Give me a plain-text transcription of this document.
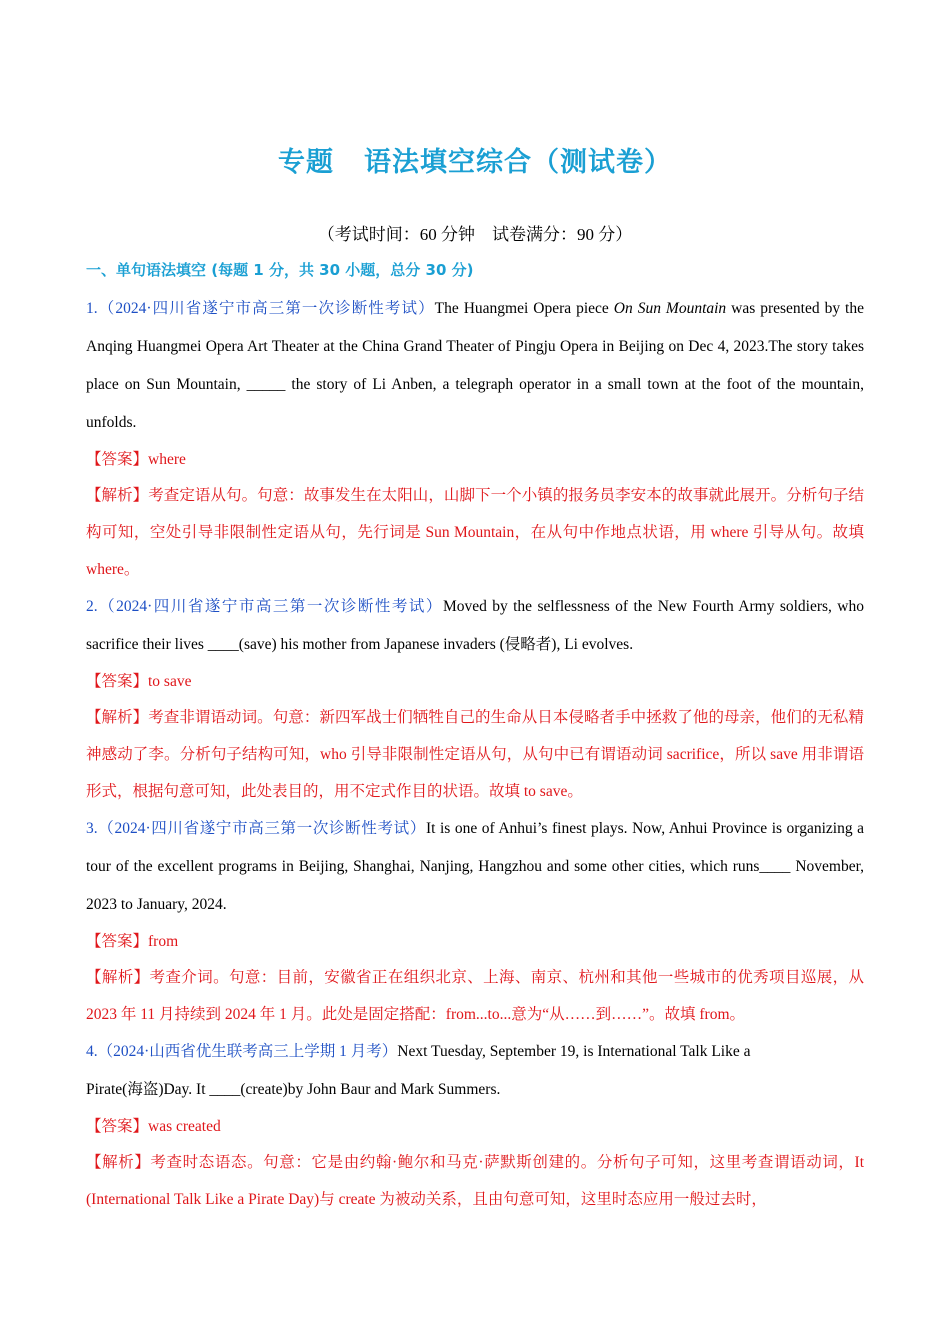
专题 语法填空综合（测试卷）
（考试时间：60 分钟　试卷满分：90 分）
一、单句语法填空 (每题 1 分，共 30 小题，总分 30 分)
1.（2024·四川省遂宁市高三第一次诊断性考试）The Huangmei Opera piece On Sun Mountain was presented by the Anqing Huangmei Opera Art Theater at the China Grand Theater of Pingju Opera in Beijing on Dec 4, 2023.The story takes place on Sun Mountain, _____ the story of Li Anben, a telegraph operator in a small town at the foot of the mountain, unfolds.
【答案】where
【解析】考查定语从句。句意：故事发生在太阳山，山脚下一个小镇的报务员李安本的故事就此展开。分析句子结构可知，空处引导非限制性定语从句，先行词是 Sun Mountain，在从句中作地点状语，用 where 引导从句。故填 where。
2.（2024·四川省遂宁市高三第一次诊断性考试）Moved by the selflessness of the New Fourth Army soldiers, who sacrifice their lives ____(save) his mother from Japanese invaders (侵略者), Li evolves.
【答案】to save
【解析】考查非谓语动词。句意：新四军战士们牺牲自己的生命从日本侵略者手中拯救了他的母亲，他们的无私精神感动了李。分析句子结构可知，who 引导非限制性定语从句，从句中已有谓语动词 sacrifice，所以 save 用非谓语形式，根据句意可知，此处表目的，用不定式作目的状语。故填 to save。
3.（2024·四川省遂宁市高三第一次诊断性考试）It is one of Anhui’s finest plays. Now, Anhui Province is organizing a tour of the excellent programs in Beijing, Shanghai, Nanjing, Hangzhou and some other cities, which runs____ November, 2023 to January, 2024.
【答案】from
【解析】考查介词。句意：目前，安徽省正在组织北京、上海、南京、杭州和其他一些城市的优秀项目巡展，从 2023 年 11 月持续到 2024 年 1 月。此处是固定搭配：from...to...意为“从……到……”。故填 from。
4.（2024·山西省优生联考高三上学期 1 月考）Next Tuesday, September 19, is International Talk Like a
Pirate(海盗)Day. It ____(create)by John Baur and Mark Summers.
【答案】was created
【解析】考查时态语态。句意：它是由约翰·鲍尔和马克·萨默斯创建的。分析句子可知，这里考查谓语动词，It (International Talk Like a Pirate Day)与 create 为被动关系，且由句意可知，这里时态应用一般过去时，
